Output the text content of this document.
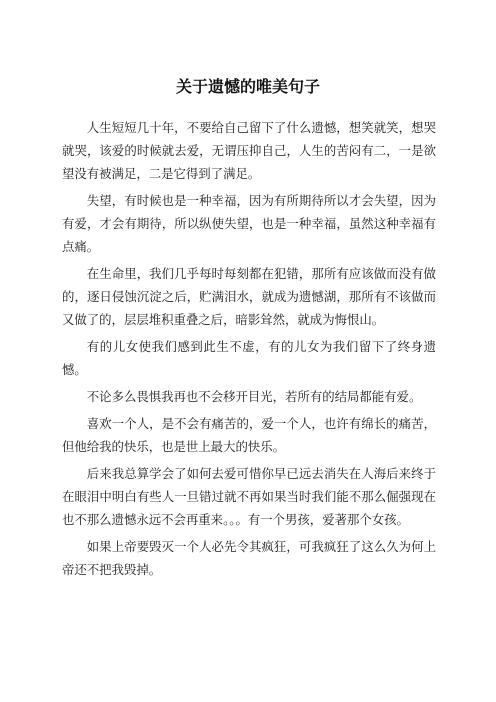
关于遗憾的唯美句子

人生短短几十年，不要给自己留下了什么遗憾，想笑就笑，想哭就哭，该爱的时候就去爱，无谓压抑自己，人生的苦闷有二，一是欲望没有被满足，二是它得到了满足。

失望，有时候也是一种幸福，因为有所期待所以才会失望，因为有爱，才会有期待，所以纵使失望，也是一种幸福，虽然这种幸福有点痛。

在生命里，我们几乎每时每刻都在犯错，那所有应该做而没有做的，逐日侵蚀沉淀之后，贮满泪水，就成为遗憾湖，那所有不该做而又做了的，层层堆积重叠之后，暗影耸然，就成为悔恨山。

有的儿女使我们感到此生不虚，有的儿女为我们留下了终身遗憾。

不论多么畏惧我再也不会移开目光，若所有的结局都能有爱。

喜欢一个人，是不会有痛苦的，爱一个人，也许有绵长的痛苦，但他给我的快乐，也是世上最大的快乐。

后来我总算学会了如何去爱可惜你早已远去消失在人海后来终于在眼泪中明白有些人一旦错过就不再如果当时我们能不那么倔强现在也不那么遗憾永远不会再重来。。。有一个男孩，爱著那个女孩。

如果上帝要毁灭一个人必先令其疯狂，可我疯狂了这么久为何上帝还不把我毁掉。
